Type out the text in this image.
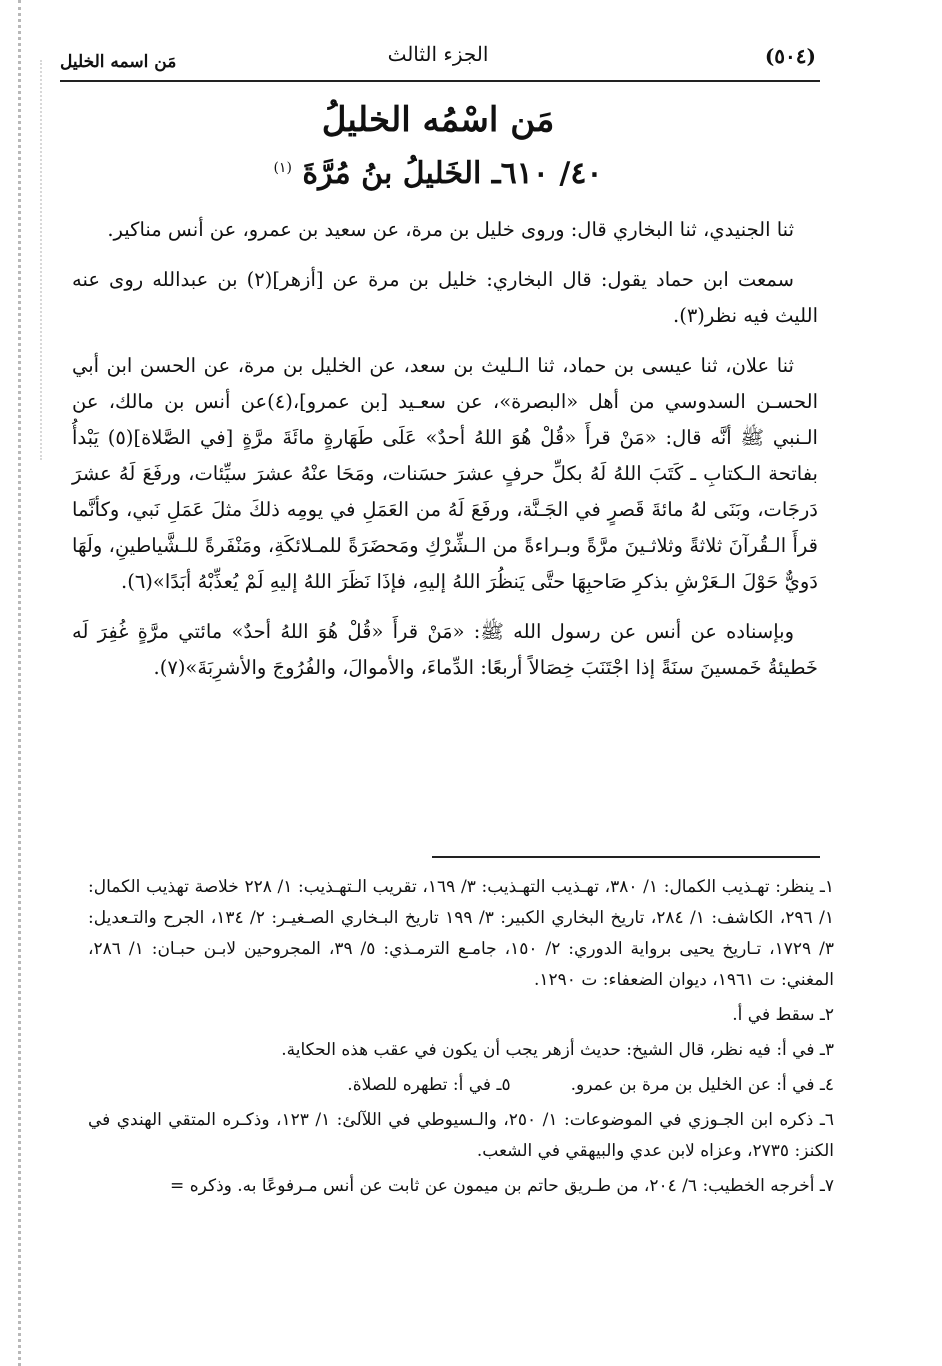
(٥٠٤)
الجزء الثالث
مَن اسمه الخليل
مَن اسْمُه الخليلُ
٤٠/ ٦١٠ـ الخَليلُ بنُ مُرَّةَ $^{(١)}$

ثنا الجنيدي، ثنا البخاري قال: وروى خليل بن مرة، عن سعيد بن عمرو، عن أنس مناكير.

سمعت ابن حماد يقول: قال البخاري: خليل بن مرة عن [أزهر](٢) بن عبدالله روى عنه الليث فيه نظر(٣).

ثنا علان، ثنا عيسى بن حماد، ثنا الـليث بن سعد، عن الخليل بن مرة، عن الحسن ابن أبي الحسـن السدوسي من أهل «البصرة»، عن سعـيد [بن عمرو]،(٤)عن أنس بن مالك، عن الـنبي ﷺ أنَّه قال: «مَنْ قرأَ «قُلْ هُوَ اللهُ أحدٌ» عَلَى طَهَارةٍ مائَةَ مرَّةٍ [في الصَّلاة](٥) يَبْدأُ بفاتحة الـكتابِ ـ كَتَبَ اللهُ لَهُ بكلِّ حرفٍ عشرَ حسَنات، ومَحَا عنْهُ عشرَ سيِّئات، ورفَعَ لَهُ عشرَ دَرجَات، وبَنَى لهُ مائةَ قَصرٍ في الجَـنَّة، ورفَعَ لَهُ من العَمَلِ في يومِه ذلكَ مثلَ عَمَلِ نَبي، وكأنَّما قرأَ الـقُرآنَ ثلاثةً وثلاثـينَ مرَّةً وبـراءةً من الـشِّرْكِ ومَحضَرَةً للمـلائكَةِ، ومَنْفَرةً للـشَّياطينِ، ولَهَا دَويٌّ حَوْلَ الـعَرْشِ بذكرِ صَاحبِهَا حتَّى يَنظُرَ اللهُ إليهِ، فإذَا نَظَرَ اللهُ إليهِ لَمْ يُعذِّبْهُ أبَدًا»(٦).

وبإسناده عن أنس عن رسول الله ﷺ: «مَنْ قرأَ «قُلْ هُوَ اللهُ أحدٌ» مائتي مرَّةٍ غُفِرَ لَه خَطيئةُ خَمسينَ سنَةً إذا اجْتَنَبَ خِصَالاً أربعًا: الدِّماءَ، والأموالَ، والفُرُوجَ والأشرِبَةَ»(٧).

١ـ ينظر: تهـذيب الكمال: ١/ ٣٨٠، تهـذيب التهـذيب: ٣/ ١٦٩، تقريب الـتهـذيب: ١/ ٢٢٨ خلاصة تهذيب الكمال: ١/ ٢٩٦، الكاشف: ١/ ٢٨٤، تاريخ البخاري الكبير: ٣/ ١٩٩ تاريخ البـخاري الصـغيـر: ٢/ ١٣٤، الجرح والتـعديل: ٣/ ١٧٢٩، تـاريخ يحيى برواية الدوري: ٢/ ١٥٠، جامـع الترمـذي: ٥/ ٣٩، المجروحين لابـن حبـان: ١/ ٢٨٦، المغني: ت ١٩٦١، ديوان الضعفاء: ت ١٢٩٠.

٢ـ سقط في أ.

٣ـ في أ: فيه نظر، قال الشيخ: حديث أزهر يجب أن يكون في عقب هذه الحكاية.

٤ـ في أ: عن الخليل بن مرة بن عمرو.
٥ـ في أ: تطهره للصلاة.

٦ـ ذكره ابن الجـوزي في الموضوعات: ١/ ٢٥٠، والـسيوطي في اللآلئ: ١/ ١٢٣، وذكـره المتقي الهندي في الكنز: ٢٧٣٥، وعزاه لابن عدي والبيهقي في الشعب.

٧ـ أخرجه الخطيب: ٦/ ٢٠٤، من طـريق حاتم بن ميمون عن ثابت عن أنس مـرفوعًا به. وذكره =
